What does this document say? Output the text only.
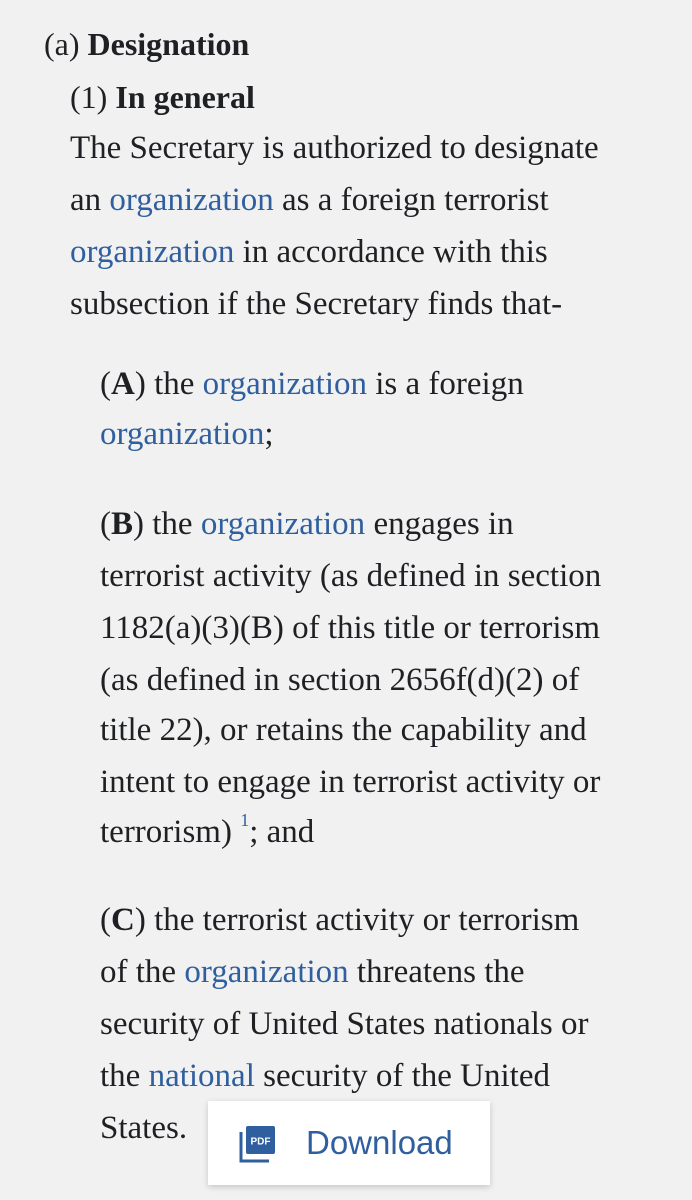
(a) Designation
(1) In general
The Secretary is authorized to designate
an organization as a foreign terrorist
organization in accordance with this
subsection if the Secretary finds that-
(A) the organization is a foreign
organization;
(B) the organization engages in
terrorist activity (as defined in section
1182(a)(3)(B) of this title or terrorism
(as defined in section 2656f(d)(2) of
title 22), or retains the capability and
intent to engage in terrorist activity or
terrorism) $^1$; and
(C) the terrorist activity or terrorism
of the organization threatens the
security of United States nationals or
the national security of the United
States.	PDF Download
